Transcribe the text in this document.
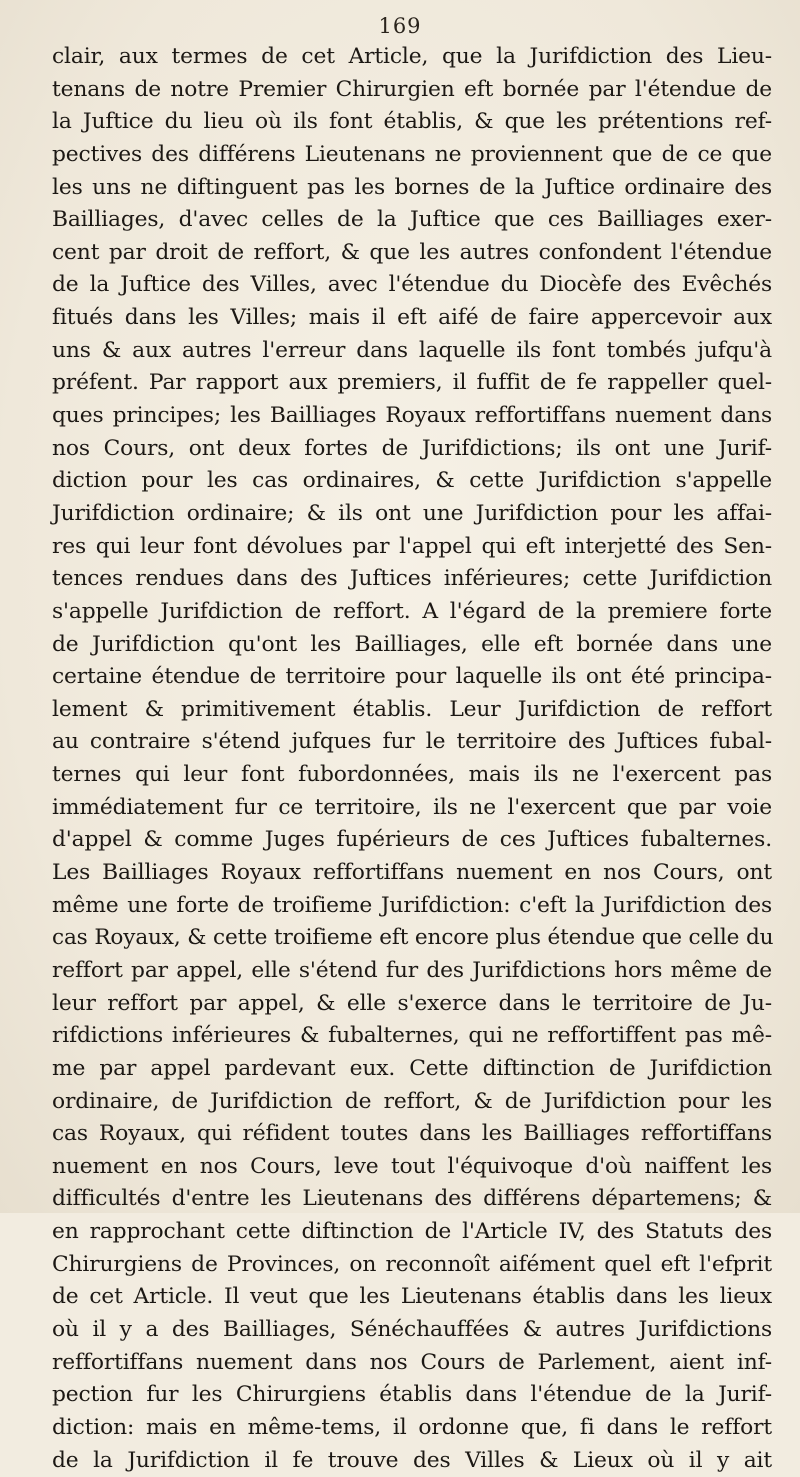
169
clair, aux termes de cet Article, que la Jurifdiction des Lieu-
tenans de notre Premier Chirurgien eft bornée par l'étendue de
la Juftice du lieu où ils font établis, & que les prétentions ref-
pectives des différens Lieutenans ne proviennent que de ce que
les uns ne diftinguent pas les bornes de la Juftice ordinaire des
Bailliages, d'avec celles de la Juftice que ces Bailliages exer-
cent par droit de reffort, & que les autres confondent l'étendue
de la Juftice des Villes, avec l'étendue du Diocèfe des Evêchés
fitués dans les Villes; mais il eft aifé de faire appercevoir aux
uns & aux autres l'erreur dans laquelle ils font tombés jufqu'à
préfent. Par rapport aux premiers, il fuffit de fe rappeller quel-
ques principes; les Bailliages Royaux reffortiffans nuement dans
nos Cours, ont deux fortes de Jurifdictions; ils ont une Jurif-
diction pour les cas ordinaires, & cette Jurifdiction s'appelle
Jurifdiction ordinaire; & ils ont une Jurifdiction pour les affai-
res qui leur font dévolues par l'appel qui eft interjetté des Sen-
tences rendues dans des Juftices inférieures; cette Jurifdiction
s'appelle Jurifdiction de reffort. A l'égard de la premiere forte
de Jurifdiction qu'ont les Bailliages, elle eft bornée dans une
certaine étendue de territoire pour laquelle ils ont été principa-
lement & primitivement établis. Leur Jurifdiction de reffort
au contraire s'étend jufques fur le territoire des Juftices fubal-
ternes qui leur font fubordonnées, mais ils ne l'exercent pas
immédiatement fur ce territoire, ils ne l'exercent que par voie
d'appel & comme Juges fupérieurs de ces Juftices fubalternes.
Les Bailliages Royaux reffortiffans nuement en nos Cours, ont
même une forte de troifieme Jurifdiction: c'eft la Jurifdiction des
cas Royaux, & cette troifieme eft encore plus étendue que celle du
reffort par appel, elle s'étend fur des Jurifdictions hors même de
leur reffort par appel, & elle s'exerce dans le territoire de Ju-
rifdictions inférieures & fubalternes, qui ne reffortiffent pas mê-
me par appel pardevant eux. Cette diftinction de Jurifdiction
ordinaire, de Jurifdiction de reffort, & de Jurifdiction pour les
cas Royaux, qui réfident toutes dans les Bailliages reffortiffans
nuement en nos Cours, leve tout l'équivoque d'où naiffent les
difficultés d'entre les Lieutenans des différens départemens; &
en rapprochant cette diftinction de l'Article IV, des Statuts des
Chirurgiens de Provinces, on reconnoît aifément quel eft l'efprit
de cet Article. Il veut que les Lieutenans établis dans les lieux
où il y a des Bailliages, Sénéchauffées & autres Jurifdictions
reffortiffans nuement dans nos Cours de Parlement, aient inf-
pection fur les Chirurgiens établis dans l'étendue de la Jurif-
diction: mais en même-tems, il ordonne que, fi dans le reffort
de la Jurifdiction il fe trouve des Villes & Lieux où il y ait
